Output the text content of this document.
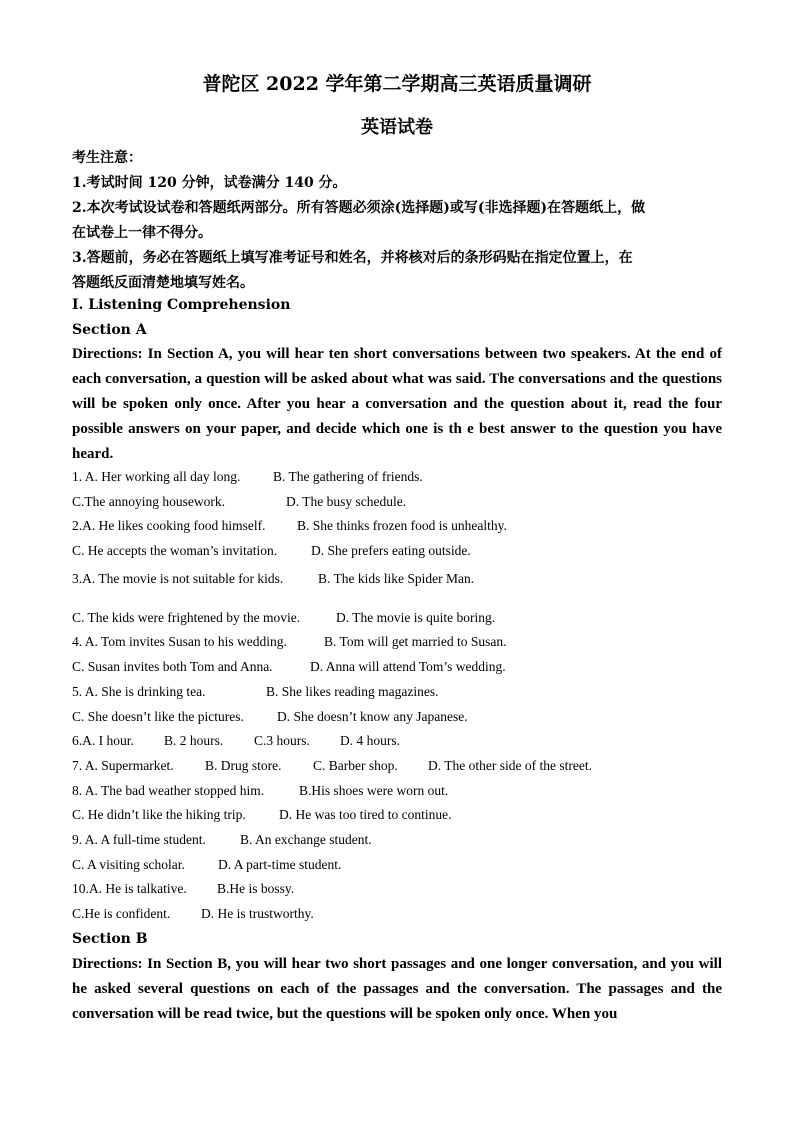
普陀区 2022 学年第二学期高三英语质量调研
英语试卷
考生注意：
1.考试时间 120 分钟，试卷满分 140 分。
2.本次考试设试卷和答题纸两部分。所有答题必须涂(选择题)或写(非选择题)在答题纸上，做
在试卷上一律不得分。
3.答题前，务必在答题纸上填写准考证号和姓名，并将核对后的条形码贴在指定位置上，在
答题纸反面清楚地填写姓名。
I. Listening Comprehension
Section A
Directions: In Section A, you will hear ten short conversations between two speakers. At the end of each conversation, a question will be asked about what was said. The conversations and the questions will be spoken only once. After you hear a conversation and the question about it, read the four possible answers on your paper, and decide which one is th e best answer to the question you have heard.
1. A. Her working all day long. B. The gathering of friends.
C.The annoying housework.	D. The busy schedule.
2.A. He likes cooking food himself. B. She thinks frozen food is unhealthy.
C. He accepts the woman’s invitation.	D. She prefers eating outside.
3.A. The movie is not suitable for kids.	B. The kids like Spider Man.
C. The kids were frightened by the movie.	D. The movie is quite boring.
4. A. Tom invites Susan to his wedding.	B. Tom will get married to Susan.
C. Susan invites both Tom and Anna.	D. Anna will attend Tom’s wedding.
5. A. She is drinking tea.	B. She likes reading magazines.
C. She doesn’t like the pictures. D. She doesn’t know any Japanese.
6.A. I hour. B. 2 hours. C.3 hours. D. 4 hours.
7. A. Supermarket. B. Drug store. C. Barber shop. D. The other side of the street.
8. A. The bad weather stopped him.	B.His shoes were worn out.
C. He didn’t like the hiking trip. D. He was too tired to continue.
9. A. A full-time student.	B. An exchange student.
C. A visiting scholar. D. A part-time student.
10.A. He is talkative. B.He is bossy.
C.He is confident. D. He is trustworthy.
Section B
Directions: In Section B, you will hear two short passages and one longer conversation, and you will he asked several questions on each of the passages and the conversation. The passages and the conversation will be read twice, but the questions will be spoken only once. When you
